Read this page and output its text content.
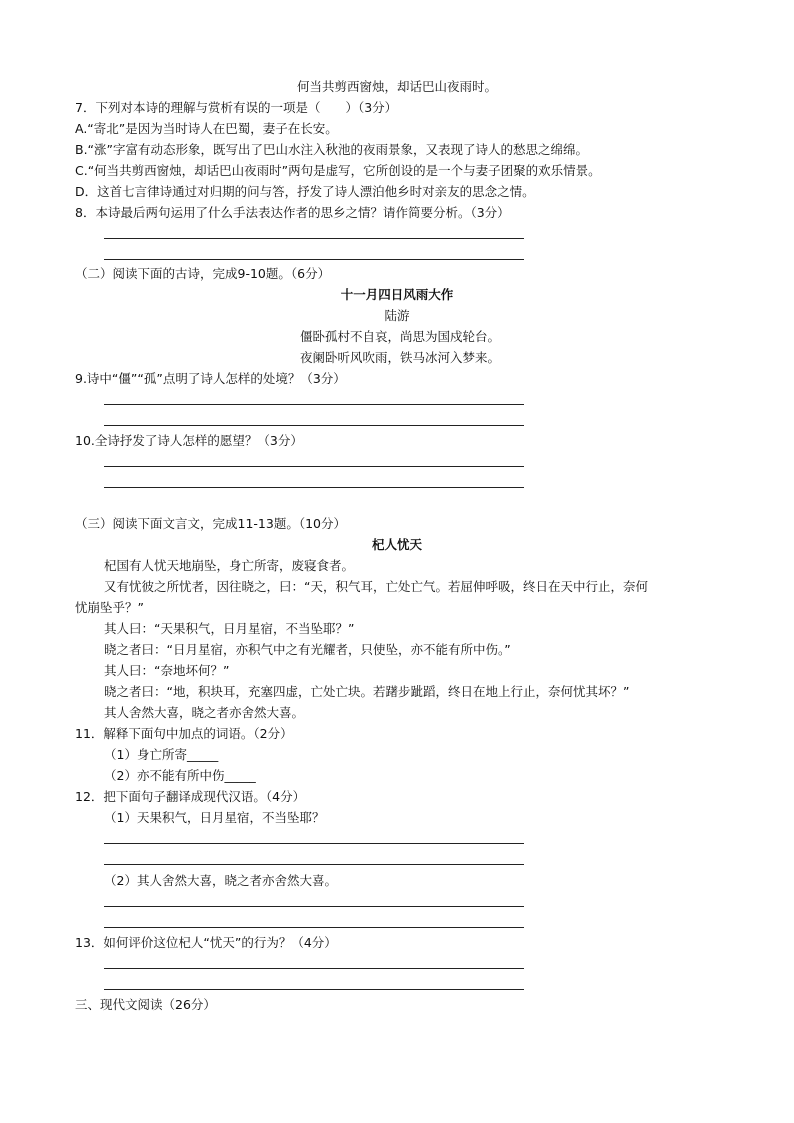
何当共剪西窗烛，却话巴山夜雨时。
7．下列对本诗的理解与赏析有误的一项是（　　）（3分）
A.“寄北”是因为当时诗人在巴蜀，妻子在长安。
B.“涨”字富有动态形象，既写出了巴山水注入秋池的夜雨景象，又表现了诗人的愁思之绵绵。
C.“何当共剪西窗烛，却话巴山夜雨时”两句是虚写，它所创设的是一个与妻子团聚的欢乐情景。
D．这首七言律诗通过对归期的问与答，抒发了诗人漂泊他乡时对亲友的思念之情。
8．本诗最后两句运用了什么手法表达作者的思乡之情？请作简要分析。（3分）
（二）阅读下面的古诗，完成9-10题。（6分）
十一月四日风雨大作
陆游
僵卧孤村不自哀，尚思为国戍轮台。
夜阑卧听风吹雨，铁马冰河入梦来。
9.诗中“僵”“孤”点明了诗人怎样的处境？（3分）
10.全诗抒发了诗人怎样的愿望？（3分）
（三）阅读下面文言文，完成11-13题。（10分）
杞人忧天
杞国有人忧天地崩坠，身亡所寄，废寝食者。
又有忧彼之所忧者，因往晓之，曰：“天，积气耳，亡处亡气。若屈伸呼吸，终日在天中行止，奈何
忧崩坠乎？”
其人曰：“天果积气，日月星宿，不当坠耶？”
晓之者曰：“日月星宿，亦积气中之有光耀者，只使坠，亦不能有所中伤。”
其人曰：“奈地坏何？”
晓之者曰：“地，积块耳，充塞四虚，亡处亡块。若躇步跐蹈，终日在地上行止，奈何忧其坏？”
其人舍然大喜，晓之者亦舍然大喜。
11．解释下面句中加点的词语。（2分）
（1）身亡所寄_____
（2）亦不能有所中伤_____
12．把下面句子翻译成现代汉语。（4分）
（1）天果积气，日月星宿，不当坠耶？
（2）其人舍然大喜，晓之者亦舍然大喜。
13．如何评价这位杞人“忧天”的行为？（4分）
三、现代文阅读（26分）
